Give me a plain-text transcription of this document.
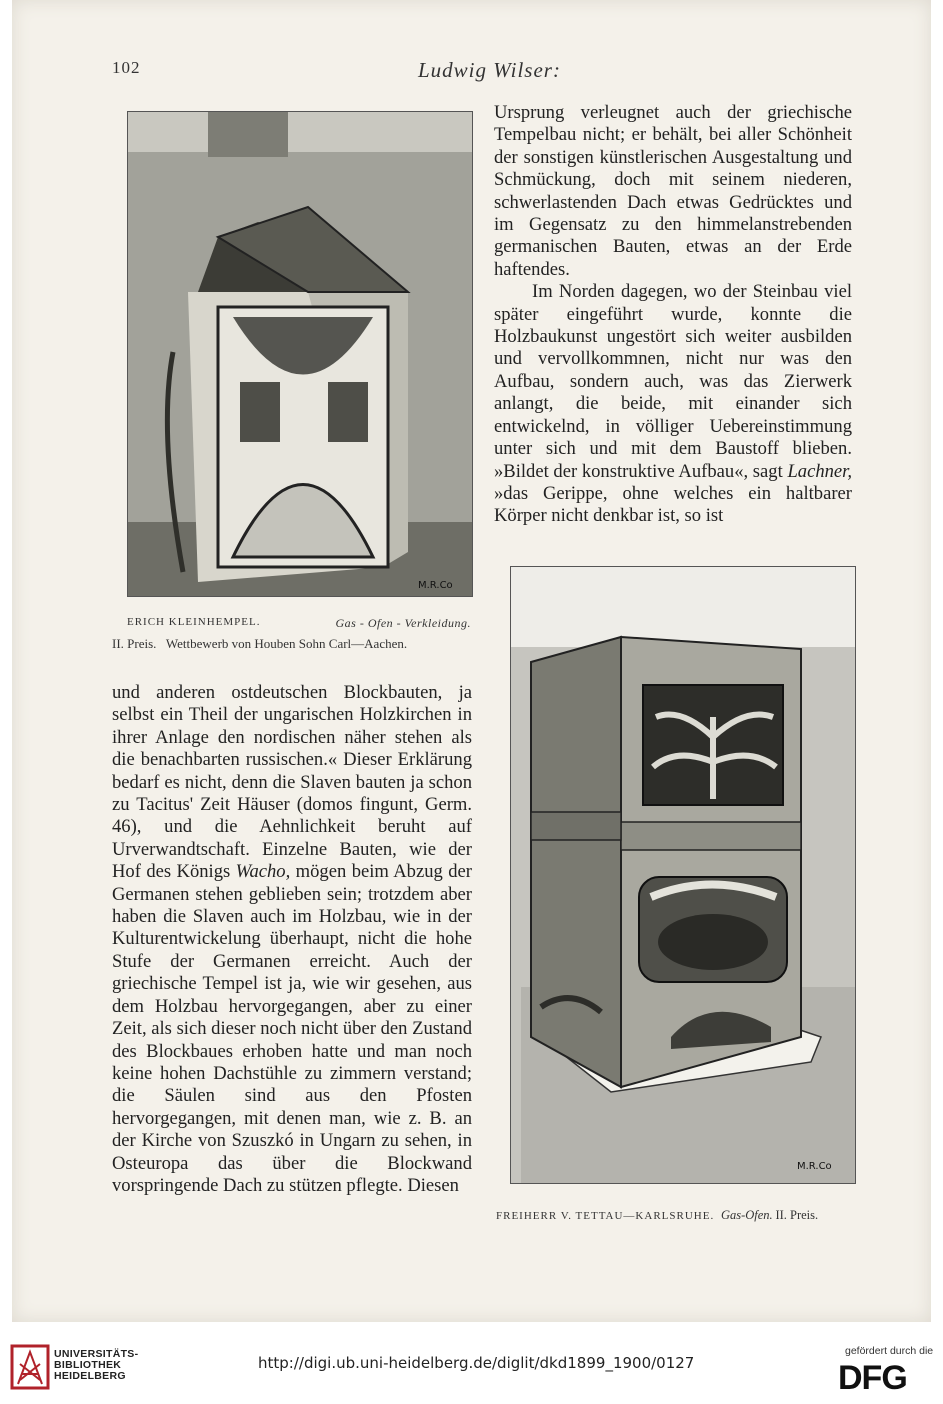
102	Ludwig Wilser:
M.R.Co
ERICH KLEINHEMPEL.	Gas - Ofen - Verkleidung.
II. Preis.   Wettbewerb von Houben Sohn Carl—Aachen.

Ursprung verleugnet auch der griechische Tempelbau nicht; er behält, bei aller Schönheit der sonstigen künstlerischen Ausgestaltung und Schmückung, doch mit seinem niederen, schwerlastenden Dach etwas Gedrücktes und im Gegensatz zu den himmelanstrebenden germanischen Bauten, etwas an der Erde haftendes.

Im Norden dagegen, wo der Steinbau viel später eingeführt wurde, konnte die Holzbaukunst ungestört sich weiter ausbilden und vervollkommnen, nicht nur was den Aufbau, sondern auch, was das Zierwerk anlangt, die beide, mit einander sich entwickelnd, in völliger Uebereinstimmung unter sich und mit dem Baustoff blieben. »Bildet der konstruktive Aufbau«, sagt Lachner, »das Gerippe, ohne welches ein haltbarer Körper nicht denkbar ist, so ist

M.R.Co
FREIHERR V. TETTAU—KARLSRUHE. Gas-Ofen. II. Preis.

und anderen ostdeutschen Blockbauten, ja selbst ein Theil der ungarischen Holzkirchen in ihrer Anlage den nordischen näher stehen als die benachbarten russischen.« Dieser Erklärung bedarf es nicht, denn die Slaven bauten ja schon zu Tacitus' Zeit Häuser (domos fingunt, Germ. 46), und die Aehnlichkeit beruht auf Urverwandtschaft. Einzelne Bauten, wie der Hof des Königs Wacho, mögen beim Abzug der Germanen stehen geblieben sein; trotzdem aber haben die Slaven auch im Holzbau, wie in der Kulturentwickelung überhaupt, nicht die hohe Stufe der Germanen erreicht. Auch der griechische Tempel ist ja, wie wir gesehen, aus dem Holzbau hervorgegangen, aber zu einer Zeit, als sich dieser noch nicht über den Zustand des Blockbaues erhoben hatte und man noch keine hohen Dachstühle zu zimmern verstand; die Säulen sind aus den Pfosten hervorgegangen, mit denen man, wie z. B. an der Kirche von Szuszkó in Ungarn zu sehen, in Osteuropa das über die Blockwand vorspringende Dach zu stützen pflegte. Diesen

UNIVERSITÄTS-
BIBLIOTHEK
HEIDELBERG
http://digi.ub.uni-heidelberg.de/diglit/dkd1899_1900/0127
gefördert durch die
DFG
